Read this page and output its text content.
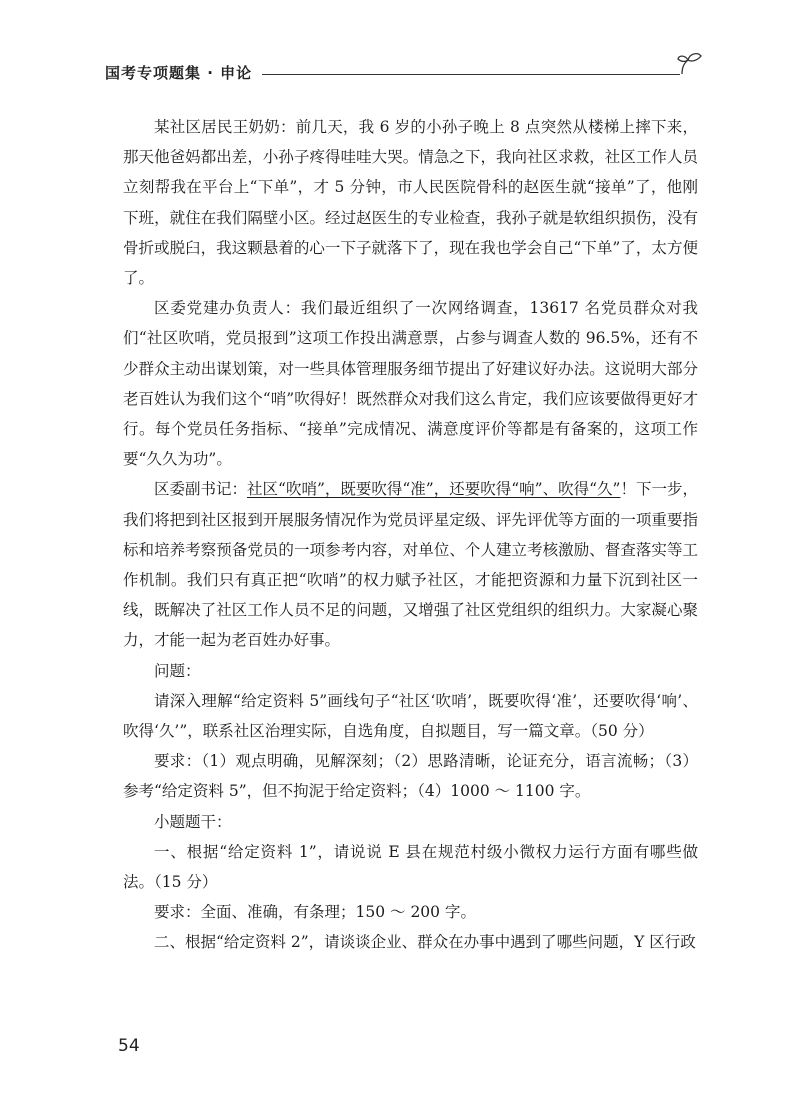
国考专项题集 · 申论

某社区居民王奶奶：前几天，我 6 岁的小孙子晚上 8 点突然从楼梯上摔下来，那天他爸妈都出差，小孙子疼得哇哇大哭。情急之下，我向社区求救，社区工作人员立刻帮我在平台上“下单”，才 5 分钟，市人民医院骨科的赵医生就“接单”了，他刚下班，就住在我们隔壁小区。经过赵医生的专业检查，我孙子就是软组织损伤，没有骨折或脱臼，我这颗悬着的心一下子就落下了，现在我也学会自己“下单”了，太方便了。

区委党建办负责人：我们最近组织了一次网络调查，13617 名党员群众对我们“社区吹哨，党员报到”这项工作投出满意票，占参与调查人数的 96.5%，还有不少群众主动出谋划策，对一些具体管理服务细节提出了好建议好办法。这说明大部分老百姓认为我们这个“哨”吹得好！既然群众对我们这么肯定，我们应该要做得更好才行。每个党员任务指标、“接单”完成情况、满意度评价等都是有备案的，这项工作要“久久为功”。

区委副书记：社区“吹哨”，既要吹得“准”，还要吹得“响”、吹得“久”！下一步，我们将把到社区报到开展服务情况作为党员评星定级、评先评优等方面的一项重要指标和培养考察预备党员的一项参考内容，对单位、个人建立考核激励、督查落实等工作机制。我们只有真正把“吹哨”的权力赋予社区，才能把资源和力量下沉到社区一线，既解决了社区工作人员不足的问题，又增强了社区党组织的组织力。大家凝心聚力，才能一起为老百姓办好事。

问题：

请深入理解“给定资料 5”画线句子“社区‘吹哨’，既要吹得‘准’，还要吹得‘响’、吹得‘久’”，联系社区治理实际，自选角度，自拟题目，写一篇文章。（50 分）

要求：（1）观点明确，见解深刻；（2）思路清晰，论证充分，语言流畅；（3）参考“给定资料 5”，但不拘泥于给定资料；（4）1000 ～ 1100 字。

小题题干：

一、根据“给定资料 1”，请说说 E 县在规范村级小微权力运行方面有哪些做法。（15 分）

要求：全面、准确，有条理；150 ～ 200 字。

二、根据“给定资料 2”，请谈谈企业、群众在办事中遇到了哪些问题，Y 区行政

54
